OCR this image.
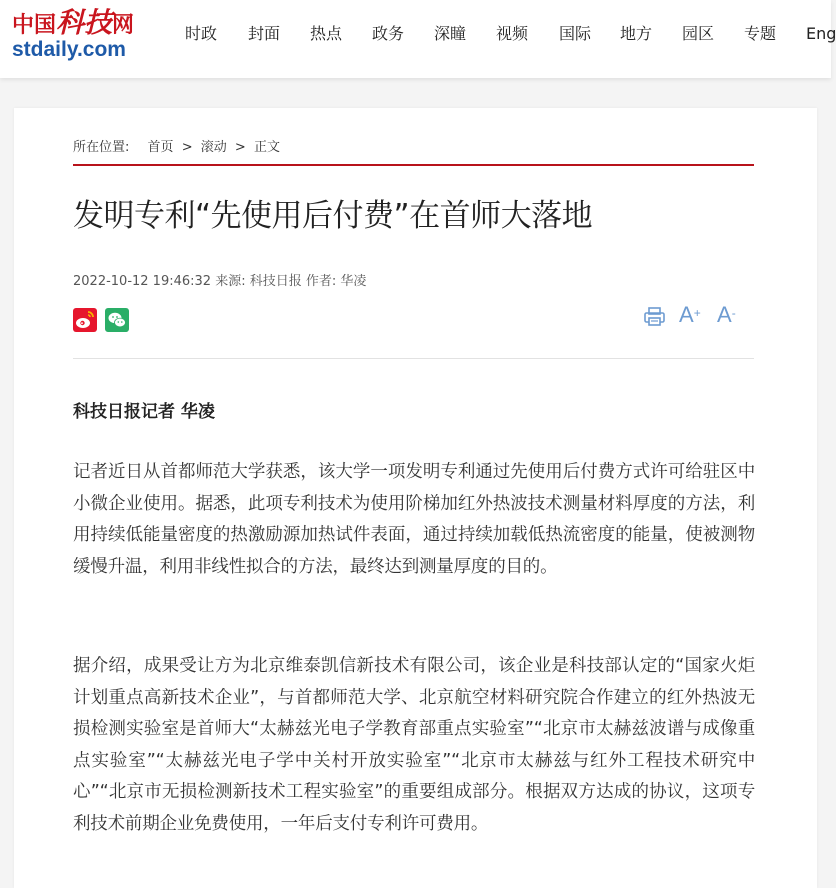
中国科技网
stdaily.com
时政 封面 热点 政务 深瞳 视频 国际 地方 园区 专题 Eng
所在位置: 首页 > 滚动 > 正文
发明专利“先使用后付费”在首师大落地
2022-10-12 19:46:32 来源: 科技日报 作者: 华凌
A+ A-
科技日报记者 华凌

记者近日从首都师范大学获悉，该大学一项发明专利通过先使用后付费方式许可给驻区中小微企业使用。据悉，此项专利技术为使用阶梯加红外热波技术测量材料厚度的方法，利用持续低能量密度的热激励源加热试件表面，通过持续加载低热流密度的能量，使被测物缓慢升温，利用非线性拟合的方法，最终达到测量厚度的目的。

据介绍，成果受让方为北京维泰凯信新技术有限公司，该企业是科技部认定的“国家火炬计划重点高新技术企业”，与首都师范大学、北京航空材料研究院合作建立的红外热波无损检测实验室是首师大“太赫兹光电子学教育部重点实验室”“北京市太赫兹波谱与成像重点实验室”“太赫兹光电子学中关村开放实验室”“北京市太赫兹与红外工程技术研究中心”“北京市无损检测新技术工程实验室”的重要组成部分。根据双方达成的协议，这项专利技术前期企业免费使用，一年后支付专利许可费用。
